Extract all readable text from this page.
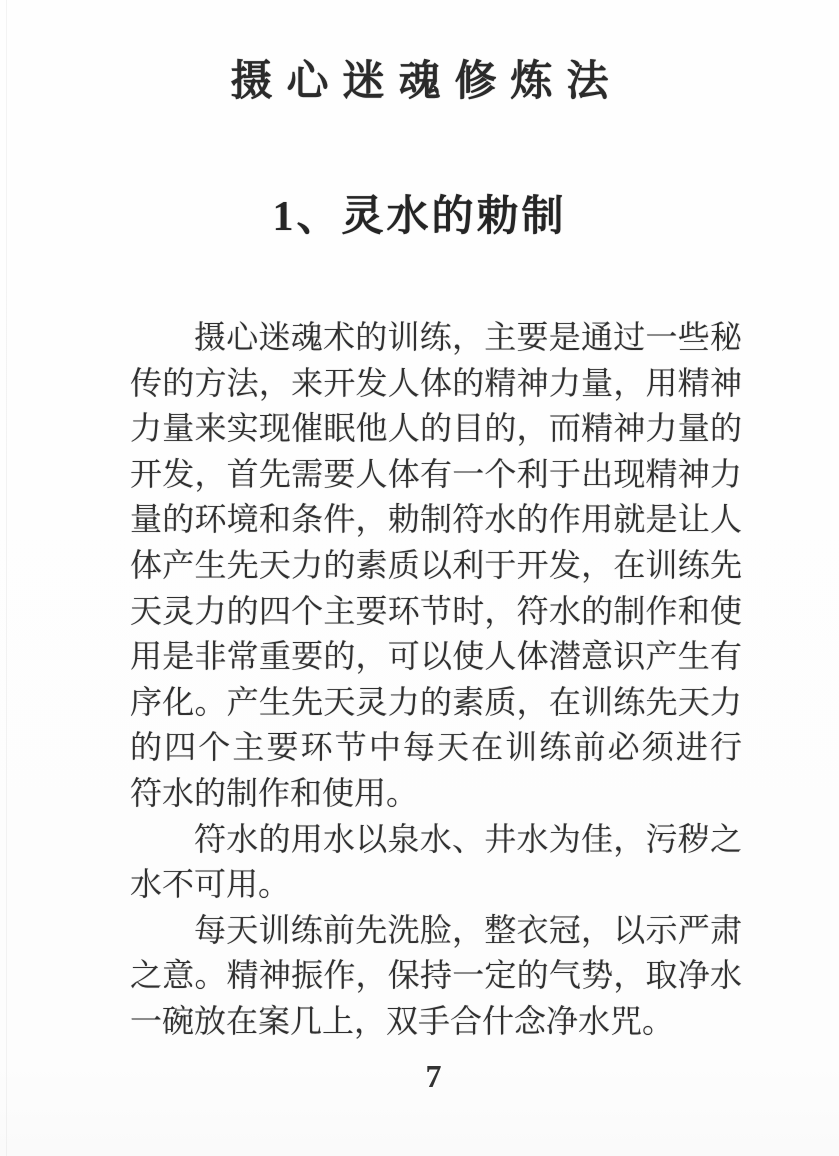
摄心迷魂修炼法
1、灵水的勅制
摄心迷魂术的训练，主要是通过一些秘
传的方法，来开发人体的精神力量，用精神
力量来实现催眠他人的目的，而精神力量的
开发，首先需要人体有一个利于出现精神力
量的环境和条件，勅制符水的作用就是让人
体产生先天力的素质以利于开发，在训练先
天灵力的四个主要环节时，符水的制作和使
用是非常重要的，可以使人体潜意识产生有
序化。产生先天灵力的素质，在训练先天力
的四个主要环节中每天在训练前必须进行
符水的制作和使用。
符水的用水以泉水、井水为佳，污秽之
水不可用。
每天训练前先洗脸，整衣冠，以示严肃
之意。精神振作，保持一定的气势，取净水
一碗放在案几上，双手合什念净水咒。
7
